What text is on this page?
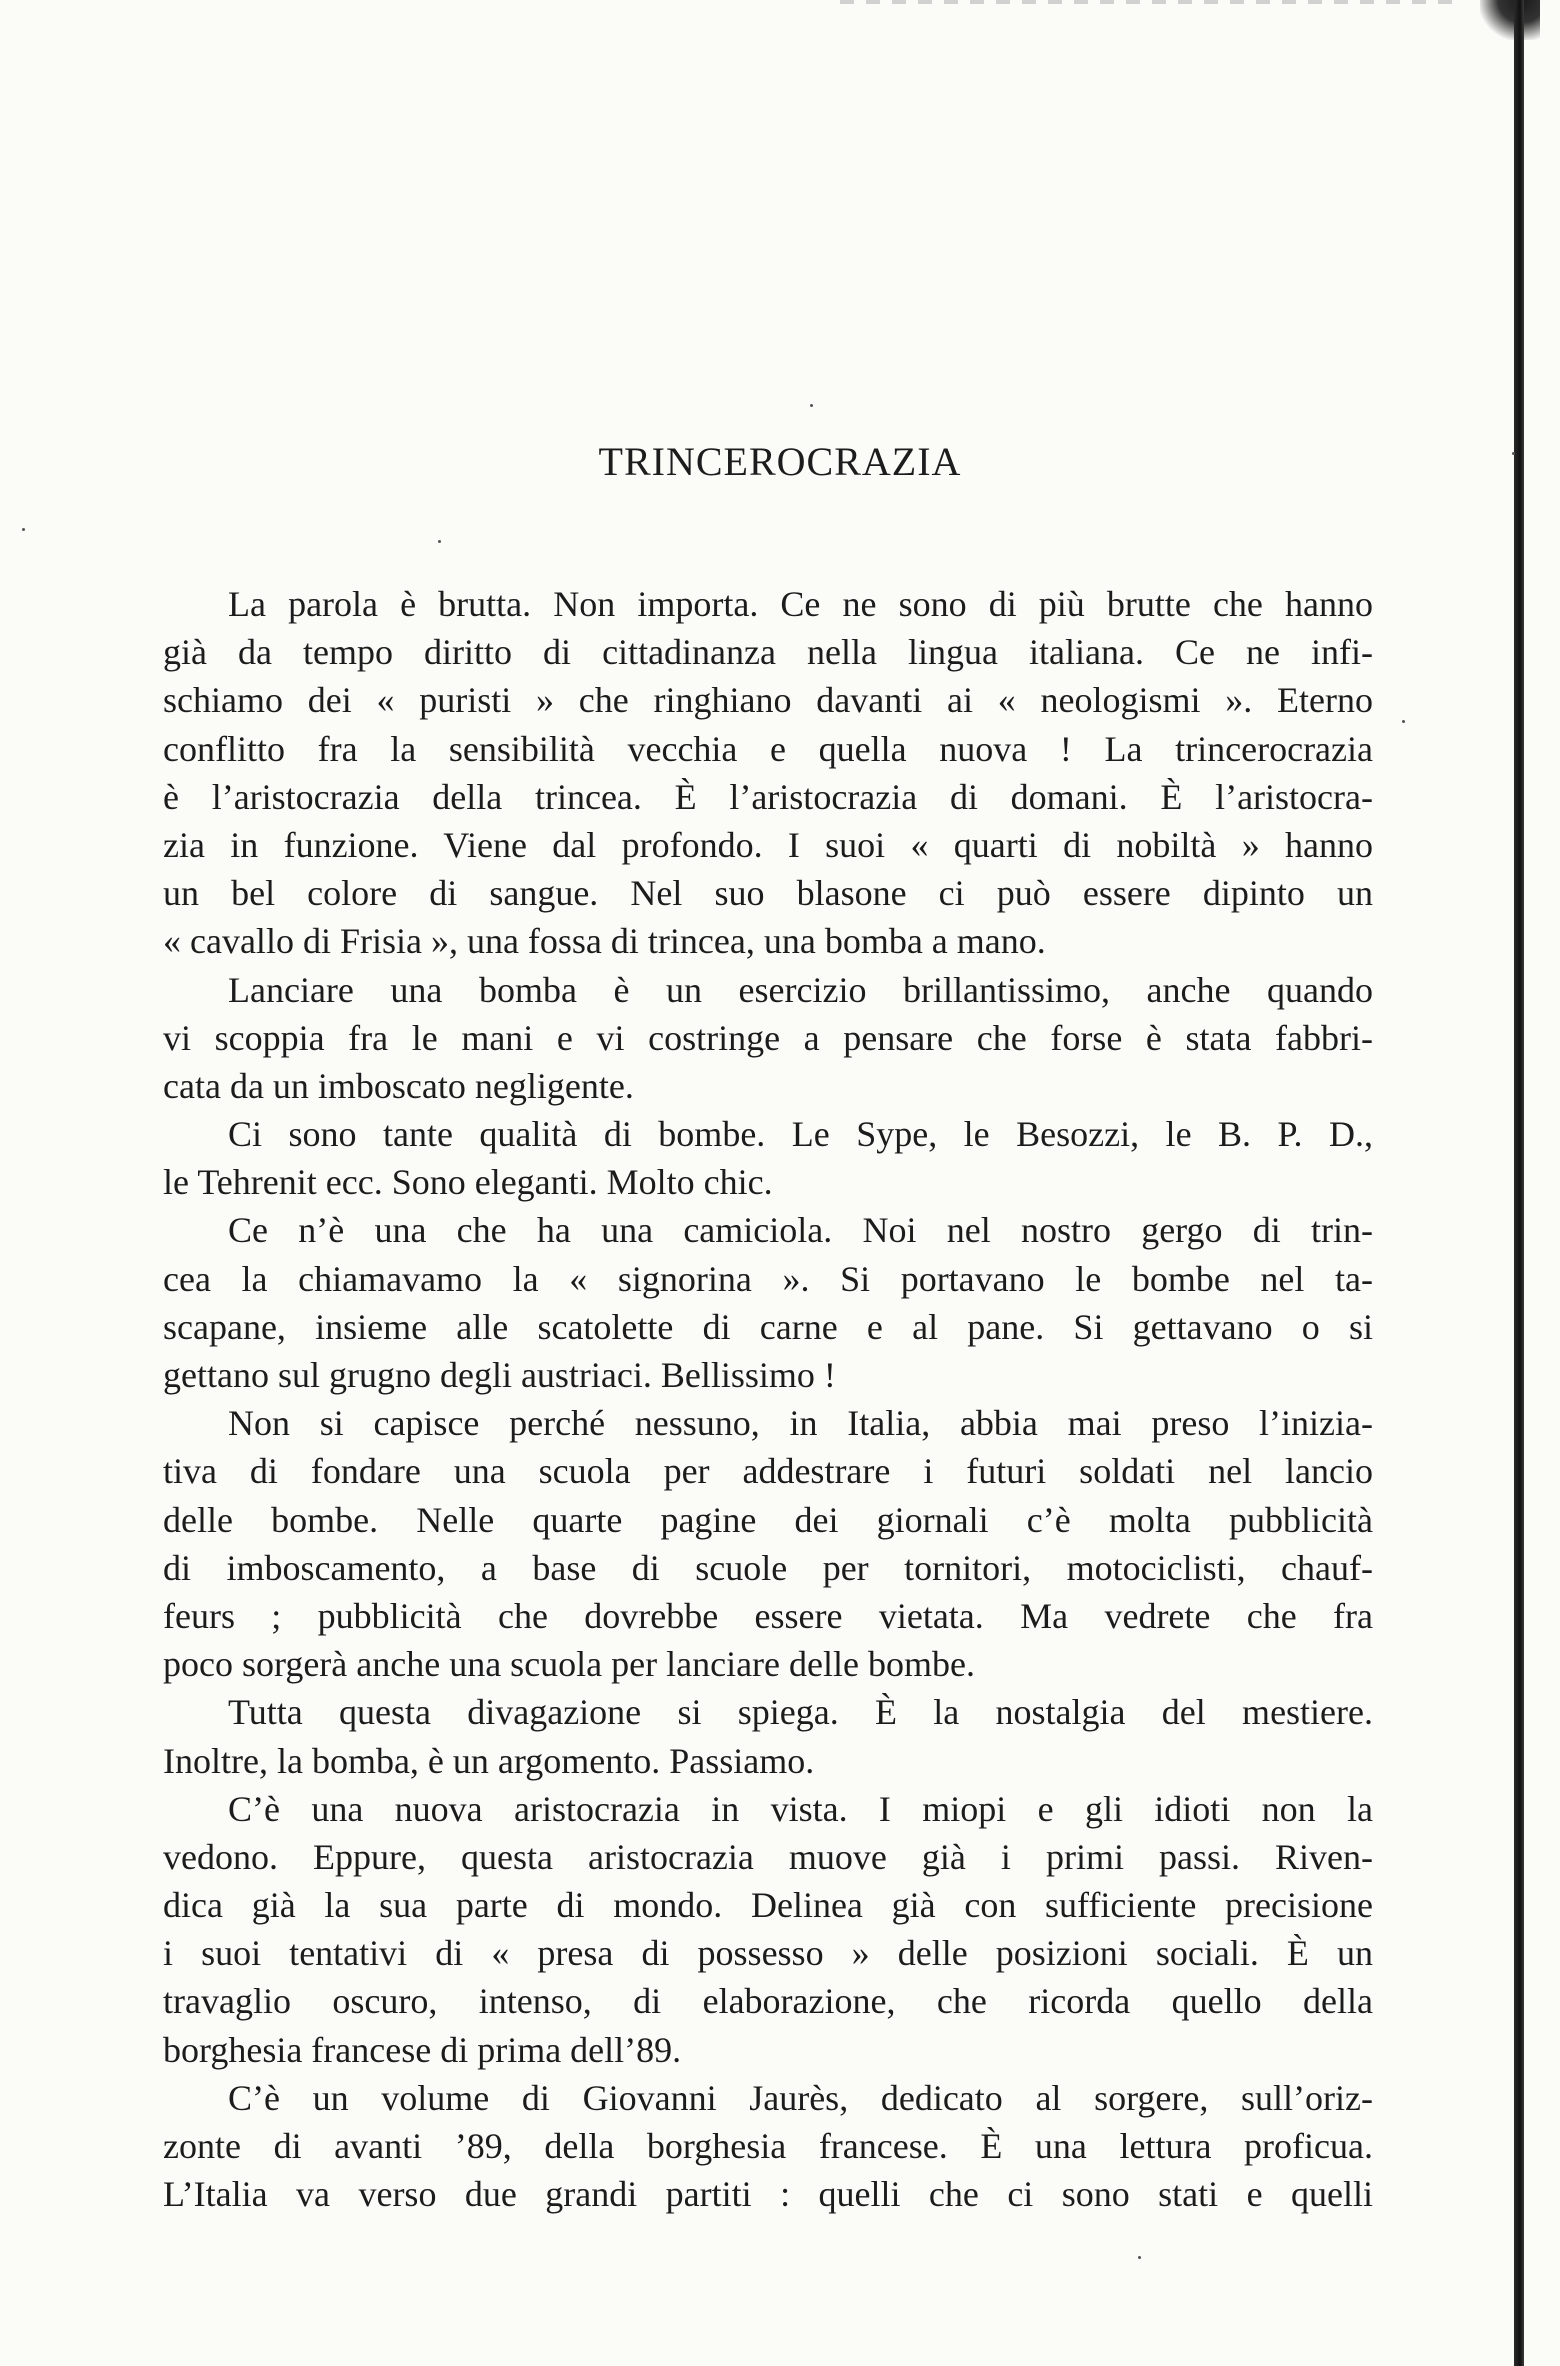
TRINCEROCRAZIA
La parola è brutta. Non importa. Ce ne sono di più brutte che hanno
già da tempo diritto di cittadinanza nella lingua italiana. Ce ne infi-
schiamo dei « puristi » che ringhiano davanti ai « neologismi ». Eterno
conflitto fra la sensibilità vecchia e quella nuova ! La trincerocrazia
è l’aristocrazia della trincea. È l’aristocrazia di domani. È l’aristocra-
zia in funzione. Viene dal profondo. I suoi « quarti di nobiltà » hanno
un bel colore di sangue. Nel suo blasone ci può essere dipinto un
« cavallo di Frisia », una fossa di trincea, una bomba a mano.
Lanciare una bomba è un esercizio brillantissimo, anche quando
vi scoppia fra le mani e vi costringe a pensare che forse è stata fabbri-
cata da un imboscato negligente.
Ci sono tante qualità di bombe. Le Sype, le Besozzi, le B. P. D.,
le Tehrenit ecc. Sono eleganti. Molto chic.
Ce n’è una che ha una camiciola. Noi nel nostro gergo di trin-
cea la chiamavamo la « signorina ». Si portavano le bombe nel ta-
scapane, insieme alle scatolette di carne e al pane. Si gettavano o si
gettano sul grugno degli austriaci. Bellissimo !
Non si capisce perché nessuno, in Italia, abbia mai preso l’inizia-
tiva di fondare una scuola per addestrare i futuri soldati nel lancio
delle bombe. Nelle quarte pagine dei giornali c’è molta pubblicità
di imboscamento, a base di scuole per tornitori, motociclisti, chauf-
feurs ; pubblicità che dovrebbe essere vietata. Ma vedrete che fra
poco sorgerà anche una scuola per lanciare delle bombe.
Tutta questa divagazione si spiega. È la nostalgia del mestiere.
Inoltre, la bomba, è un argomento. Passiamo.
C’è una nuova aristocrazia in vista. I miopi e gli idioti non la
vedono. Eppure, questa aristocrazia muove già i primi passi. Riven-
dica già la sua parte di mondo. Delinea già con sufficiente precisione
i suoi tentativi di « presa di possesso » delle posizioni sociali. È un
travaglio oscuro, intenso, di elaborazione, che ricorda quello della
borghesia francese di prima dell’89.
C’è un volume di Giovanni Jaurès, dedicato al sorgere, sull’oriz-
zonte di avanti ’89, della borghesia francese. È una lettura proficua.
L’Italia va verso due grandi partiti : quelli che ci sono stati e quelli
